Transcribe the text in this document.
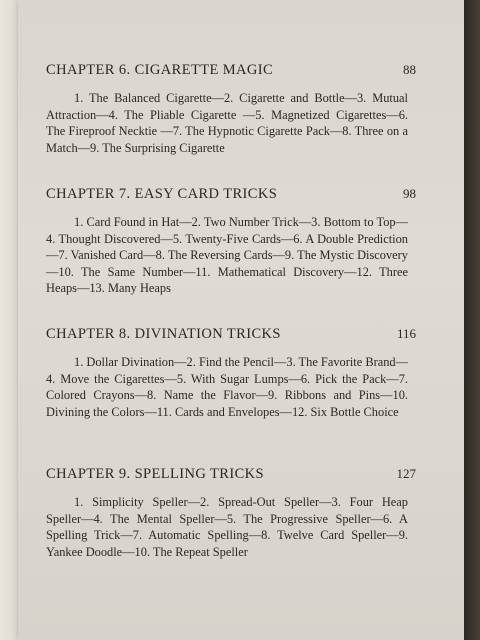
CHAPTER 6. CIGARETTE MAGIC	88
1. The Balanced Cigarette—2. Cigarette and Bottle—3. Mutual Attraction—4. The Pliable Cigarette —5. Magnetized Cigarettes—6. The Fireproof Necktie —7. The Hypnotic Cigarette Pack—8. Three on a Match—9. The Surprising Cigarette
CHAPTER 7. EASY CARD TRICKS	98
1. Card Found in Hat—2. Two Number Trick—3. Bottom to Top—4. Thought Discovered—5. Twenty-Five Cards—6. A Double Prediction—7. Vanished Card—8. The Reversing Cards—9. The Mystic Discovery—10. The Same Number—11. Mathematical Discovery—12. Three Heaps—13. Many Heaps
CHAPTER 8. DIVINATION TRICKS	116
1. Dollar Divination—2. Find the Pencil—3. The Favorite Brand—4. Move the Cigarettes—5. With Sugar Lumps—6. Pick the Pack—7. Colored Crayons—8. Name the Flavor—9. Ribbons and Pins—10. Divining the Colors—11. Cards and Envelopes—12. Six Bottle Choice
CHAPTER 9. SPELLING TRICKS	127
1. Simplicity Speller—2. Spread-Out Speller—3. Four Heap Speller—4. The Mental Speller—5. The Progressive Speller—6. A Spelling Trick—7. Automatic Spelling—8. Twelve Card Speller—9. Yankee Doodle—10. The Repeat Speller
